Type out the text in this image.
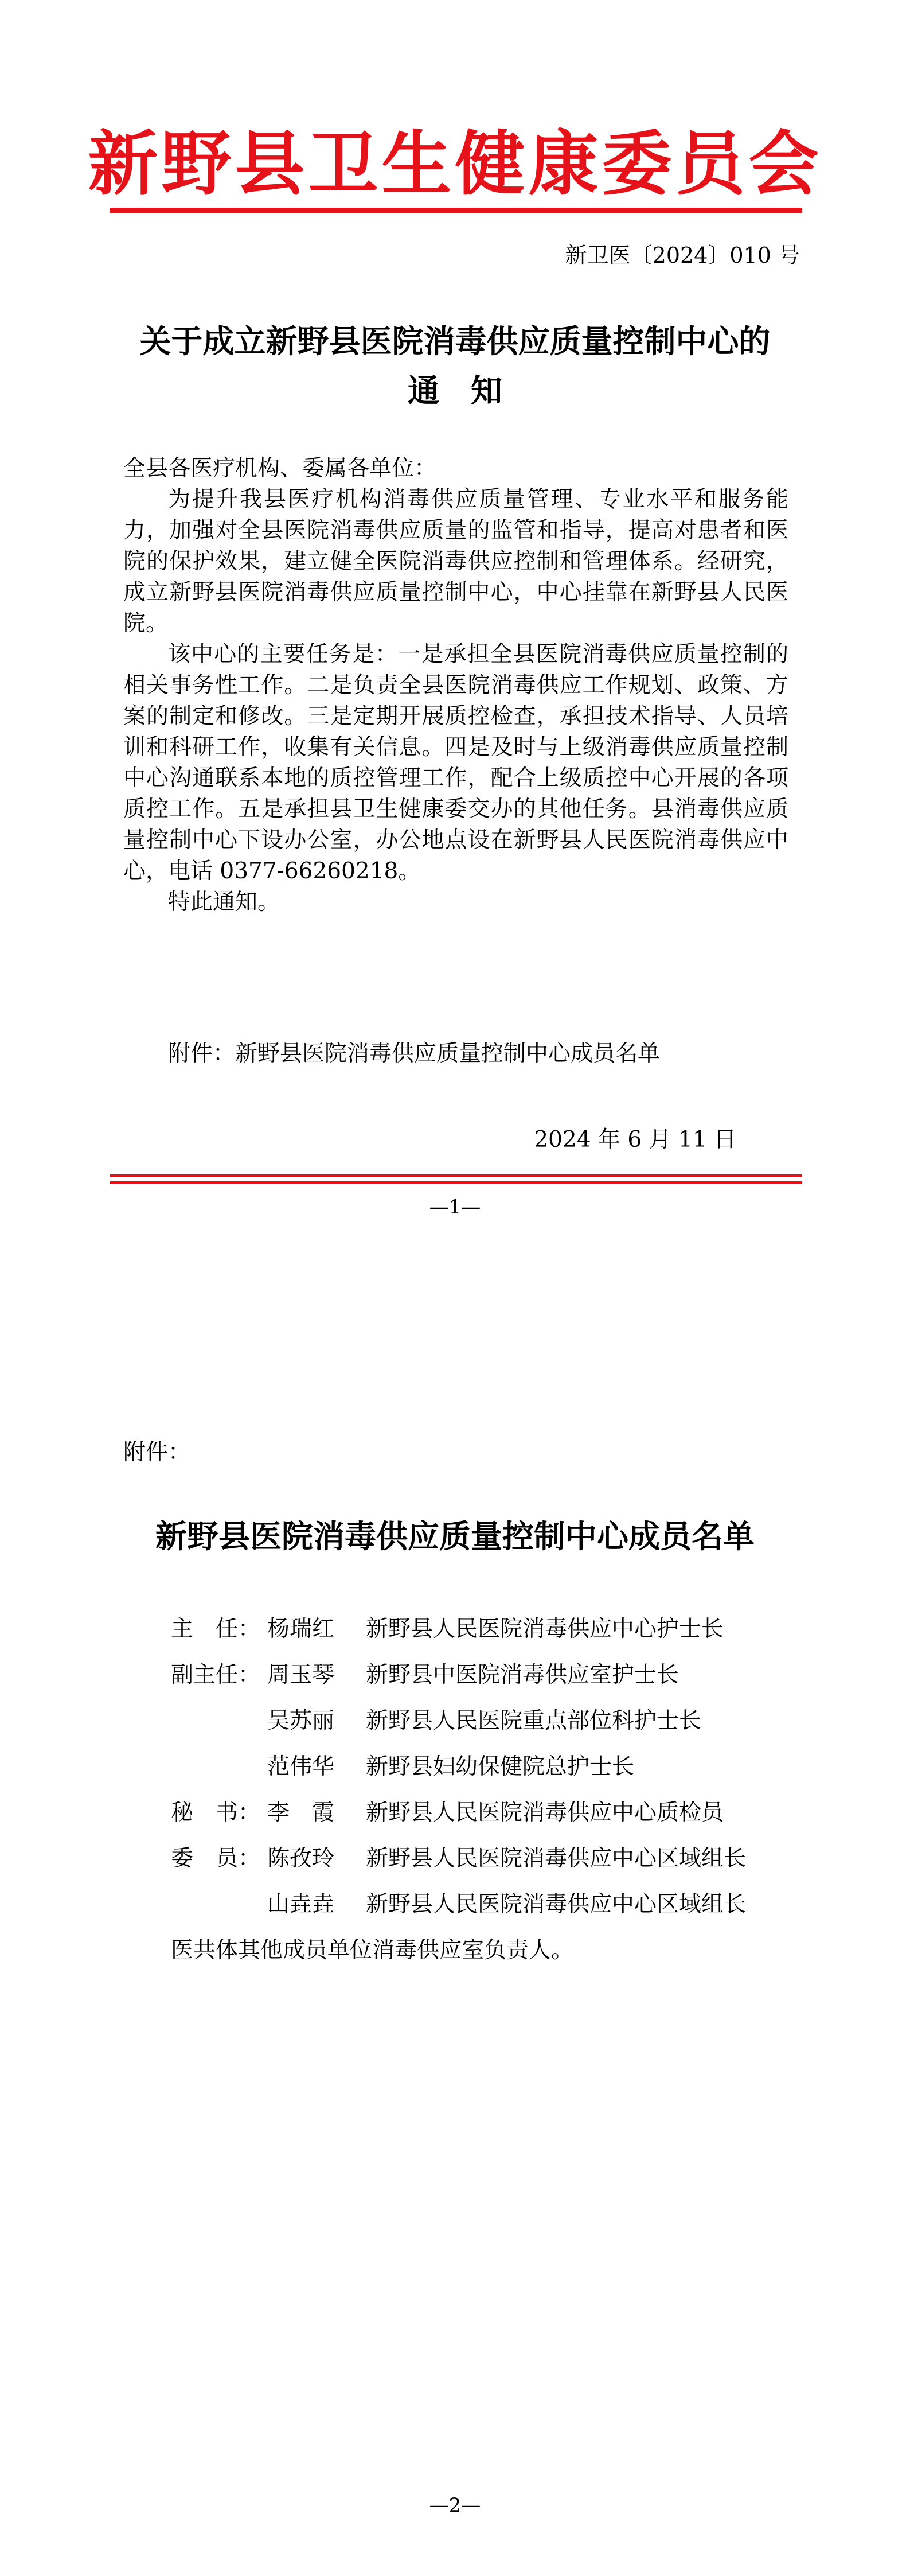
新野县卫生健康委员会
新卫医〔2024〕010 号
关于成立新野县医院消毒供应质量控制中心的
通　知
全县各医疗机构、委属各单位：

为提升我县医疗机构消毒供应质量管理、专业水平和服务能力，加强对全县医院消毒供应质量的监管和指导，提高对患者和医院的保护效果，建立健全医院消毒供应控制和管理体系。经研究，成立新野县医院消毒供应质量控制中心，中心挂靠在新野县人民医院。

该中心的主要任务是：一是承担全县医院消毒供应质量控制的相关事务性工作。二是负责全县医院消毒供应工作规划、政策、方案的制定和修改。三是定期开展质控检查，承担技术指导、人员培训和科研工作，收集有关信息。四是及时与上级消毒供应质量控制中心沟通联系本地的质控管理工作，配合上级质控中心开展的各项质控工作。五是承担县卫生健康委交办的其他任务。县消毒供应质量控制中心下设办公室，办公地点设在新野县人民医院消毒供应中心，电话 0377-66260218。

特此通知。

附件：新野县医院消毒供应质量控制中心成员名单
2024 年 6 月 11 日
—1—
附件：
新野县医院消毒供应质量控制中心成员名单
主　任： 杨瑞红 新野县人民医院消毒供应中心护士长
副主任： 周玉琴 新野县中医院消毒供应室护士长
吴苏丽 新野县人民医院重点部位科护士长
范伟华 新野县妇幼保健院总护士长
秘　书： 李　霞 新野县人民医院消毒供应中心质检员
委　员： 陈孜玲 新野县人民医院消毒供应中心区域组长
山垚垚 新野县人民医院消毒供应中心区域组长
医共体其他成员单位消毒供应室负责人。
—2—
